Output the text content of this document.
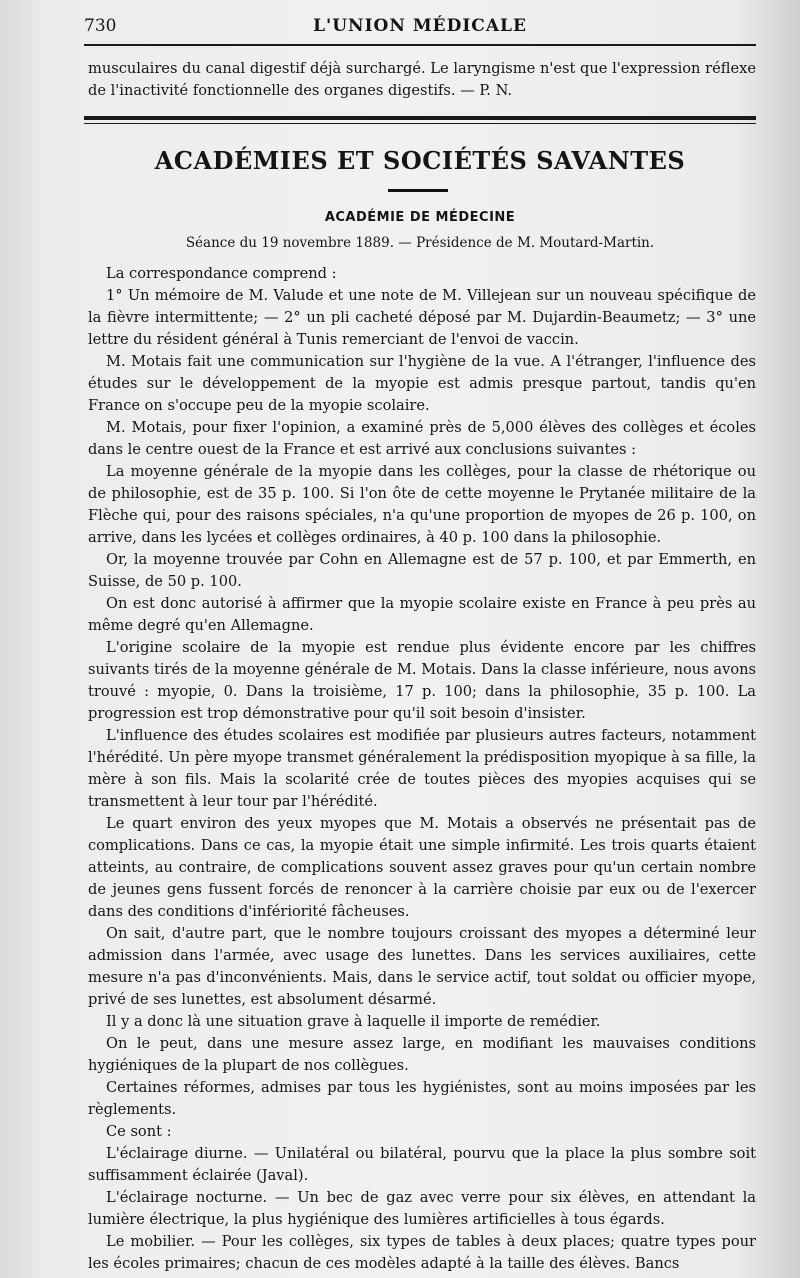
730	L'UNION MÉDICALE

musculaires du canal digestif déjà surchargé. Le laryngisme n'est que l'expression réflexe de l'inactivité fonctionnelle des organes digestifs. — P. N.

ACADÉMIES ET SOCIÉTÉS SAVANTES
ACADÉMIE DE MÉDECINE
Séance du 19 novembre 1889. — Présidence de M. Moutard-Martin.

La correspondance comprend :

1° Un mémoire de M. Valude et une note de M. Villejean sur un nouveau spécifique de la fièvre intermittente; — 2° un pli cacheté déposé par M. Dujardin-Beaumetz; — 3° une lettre du résident général à Tunis remerciant de l'envoi de vaccin.

M. Motais fait une communication sur l'hygiène de la vue. A l'étranger, l'influence des études sur le développement de la myopie est admis presque partout, tandis qu'en France on s'occupe peu de la myopie scolaire.

M. Motais, pour fixer l'opinion, a examiné près de 5,000 élèves des collèges et écoles dans le centre ouest de la France et est arrivé aux conclusions suivantes :

La moyenne générale de la myopie dans les collèges, pour la classe de rhétorique ou de philosophie, est de 35 p. 100. Si l'on ôte de cette moyenne le Prytanée militaire de la Flèche qui, pour des raisons spéciales, n'a qu'une proportion de myopes de 26 p. 100, on arrive, dans les lycées et collèges ordinaires, à 40 p. 100 dans la philosophie.

Or, la moyenne trouvée par Cohn en Allemagne est de 57 p. 100, et par Emmerth, en Suisse, de 50 p. 100.

On est donc autorisé à affirmer que la myopie scolaire existe en France à peu près au même degré qu'en Allemagne.

L'origine scolaire de la myopie est rendue plus évidente encore par les chiffres suivants tirés de la moyenne générale de M. Motais. Dans la classe inférieure, nous avons trouvé : myopie, 0. Dans la troisième, 17 p. 100; dans la philosophie, 35 p. 100. La progression est trop démonstrative pour qu'il soit besoin d'insister.

L'influence des études scolaires est modifiée par plusieurs autres facteurs, notamment l'hérédité. Un père myope transmet généralement la prédisposition myopique à sa fille, la mère à son fils. Mais la scolarité crée de toutes pièces des myopies acquises qui se transmettent à leur tour par l'hérédité.

Le quart environ des yeux myopes que M. Motais a observés ne présentait pas de complications. Dans ce cas, la myopie était une simple infirmité. Les trois quarts étaient atteints, au contraire, de complications souvent assez graves pour qu'un certain nombre de jeunes gens fussent forcés de renoncer à la carrière choisie par eux ou de l'exercer dans des conditions d'infériorité fâcheuses.

On sait, d'autre part, que le nombre toujours croissant des myopes a déterminé leur admission dans l'armée, avec usage des lunettes. Dans les services auxiliaires, cette mesure n'a pas d'inconvénients. Mais, dans le service actif, tout soldat ou officier myope, privé de ses lunettes, est absolument désarmé.

Il y a donc là une situation grave à laquelle il importe de remédier.

On le peut, dans une mesure assez large, en modifiant les mauvaises conditions hygiéniques de la plupart de nos collègues.

Certaines réformes, admises par tous les hygiénistes, sont au moins imposées par les règlements.

Ce sont :

L'éclairage diurne. — Unilatéral ou bilatéral, pourvu que la place la plus sombre soit suffisamment éclairée (Javal).

L'éclairage nocturne. — Un bec de gaz avec verre pour six élèves, en attendant la lumière électrique, la plus hygiénique des lumières artificielles à tous égards.

Le mobilier. — Pour les collèges, six types de tables à deux places; quatre types pour les écoles primaires; chacun de ces modèles adapté à la taille des élèves. Bancs
